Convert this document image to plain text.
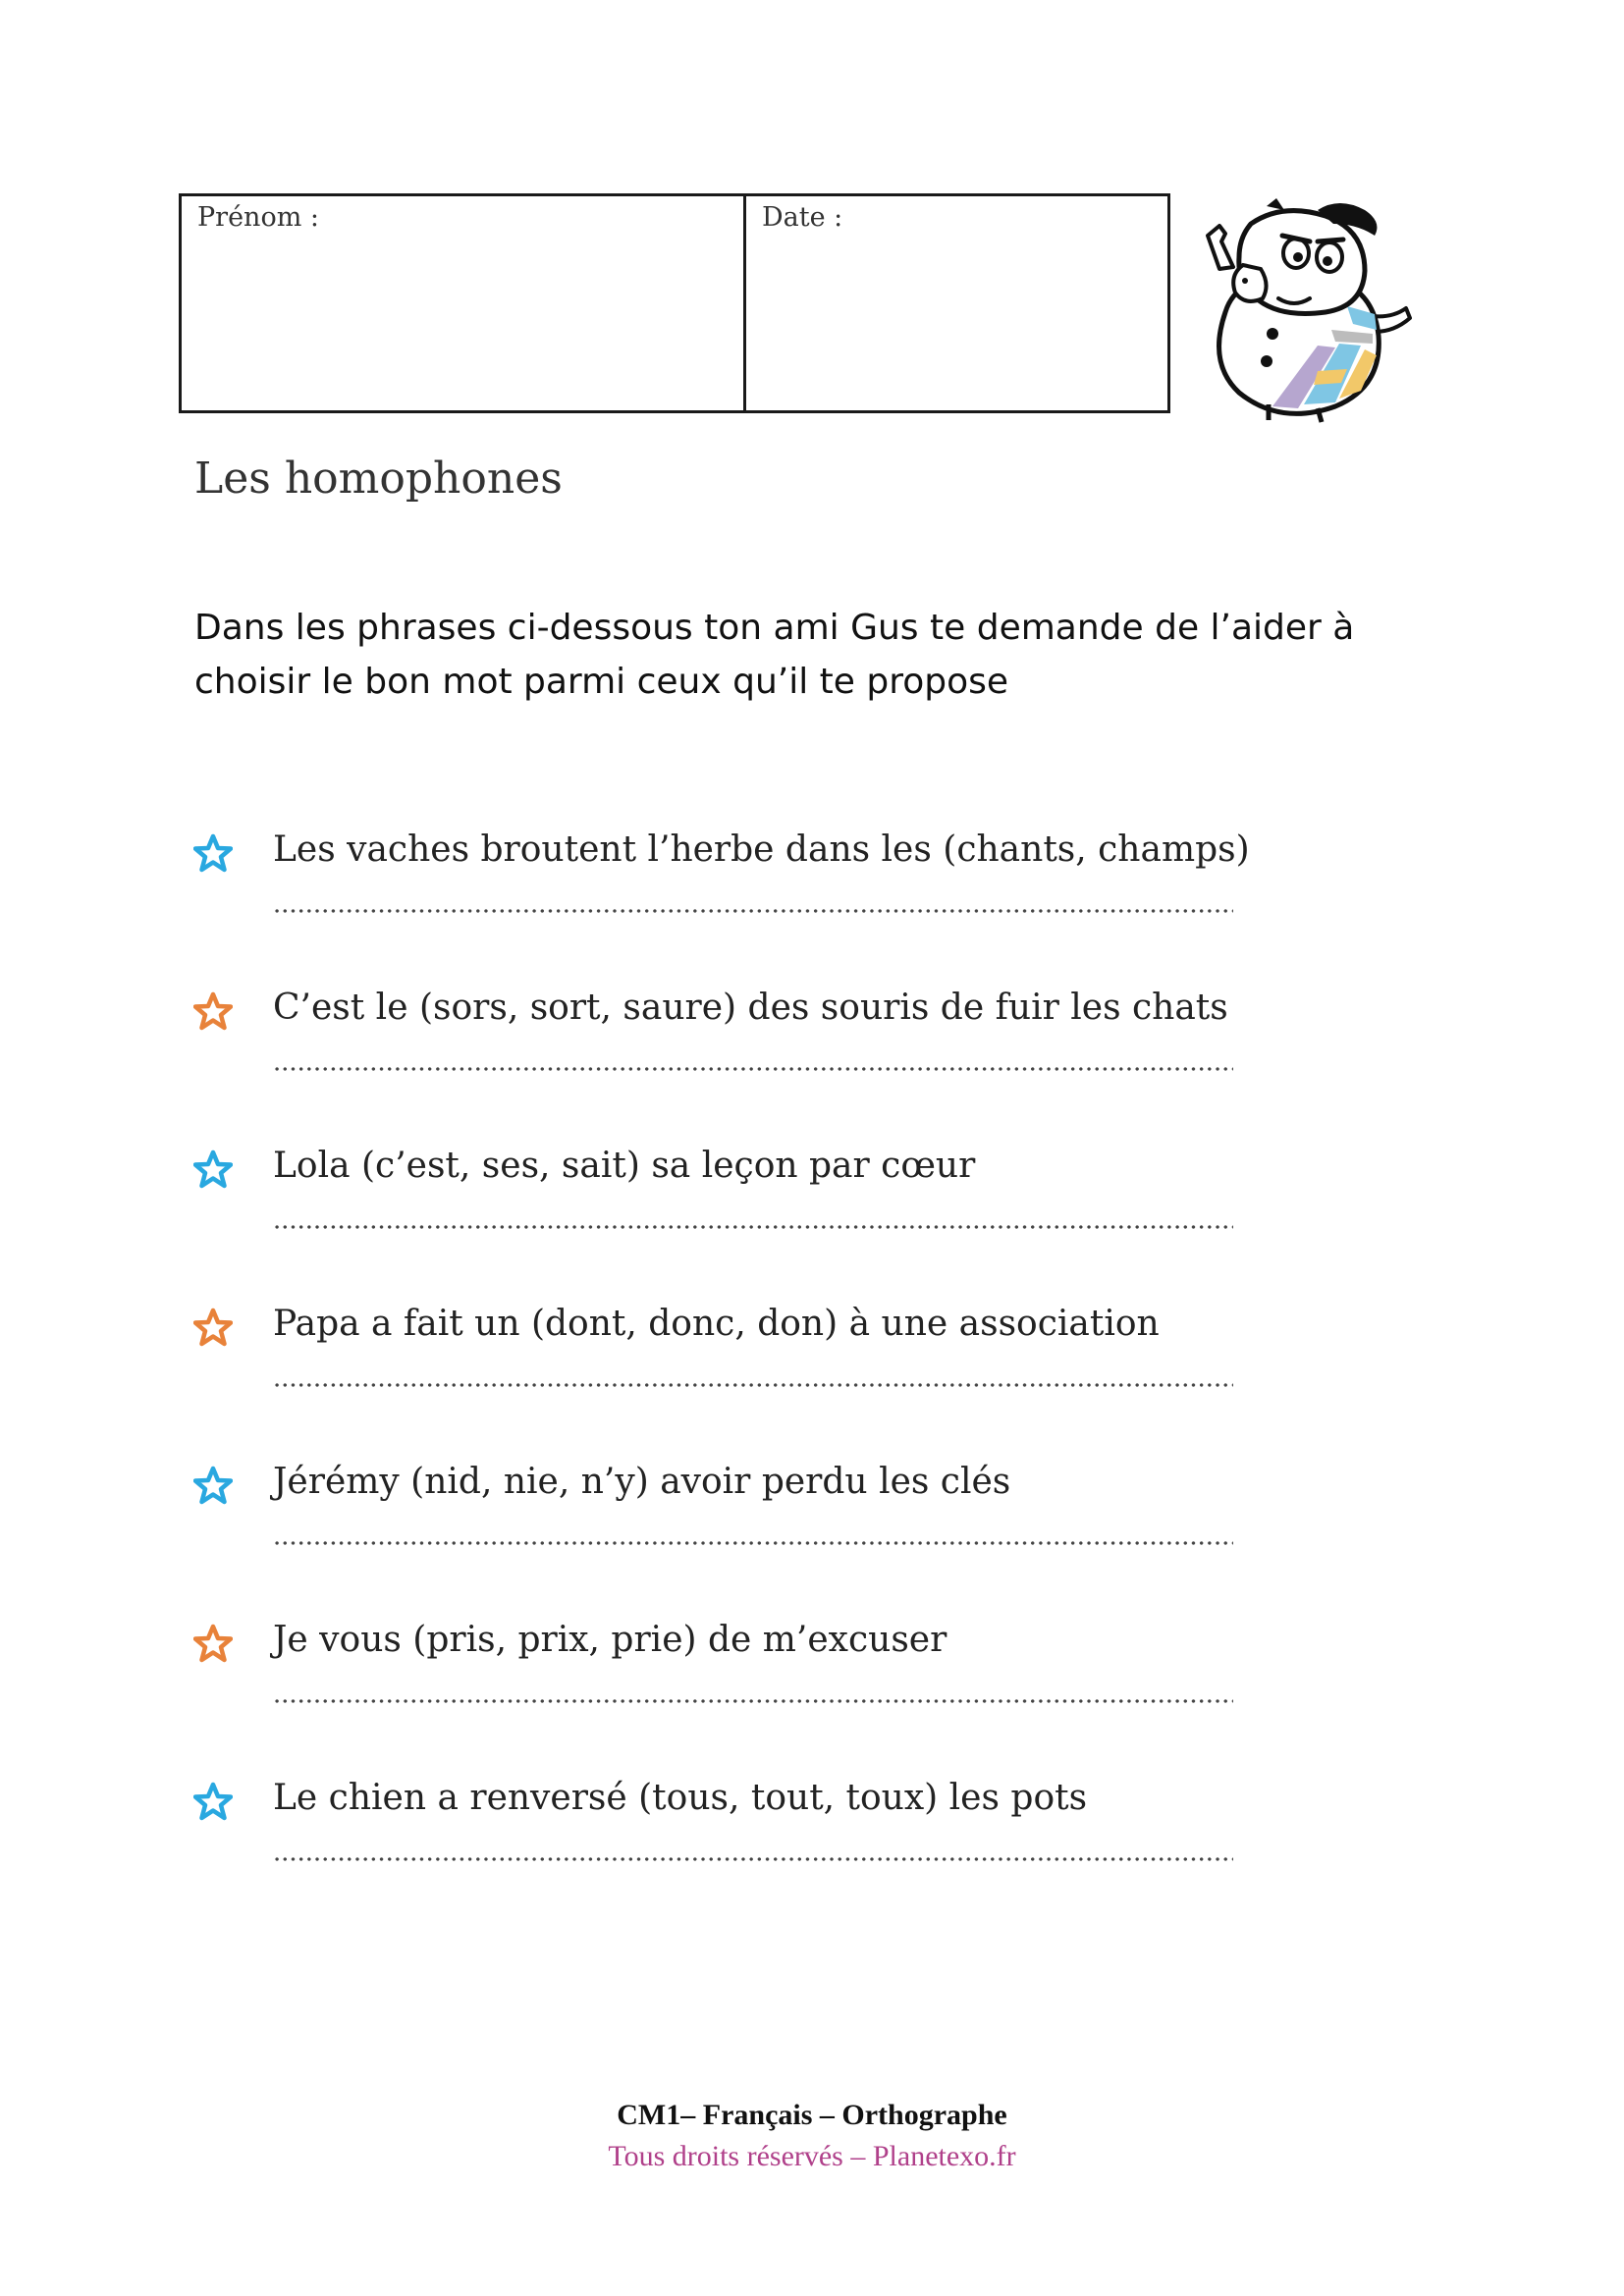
Prénom :	Date :
Les homophones

Dans les phrases ci-dessous ton ami Gus te demande de l’aider à choisir le bon mot parmi ceux qu’il te propose

Les vaches broutent l’herbe dans les (chants, champs)
C’est le (sors, sort, saure) des souris de fuir les chats
Lola (c’est, ses, sait) sa leçon par cœur
Papa a fait un (dont, donc, don) à une association
Jérémy (nid, nie, n’y) avoir perdu les clés
Je vous (pris, prix, prie) de m’excuser
Le chien a renversé (tous, tout, toux) les pots
CM1– Français – Orthographe
Tous droits réservés – Planetexo.fr
